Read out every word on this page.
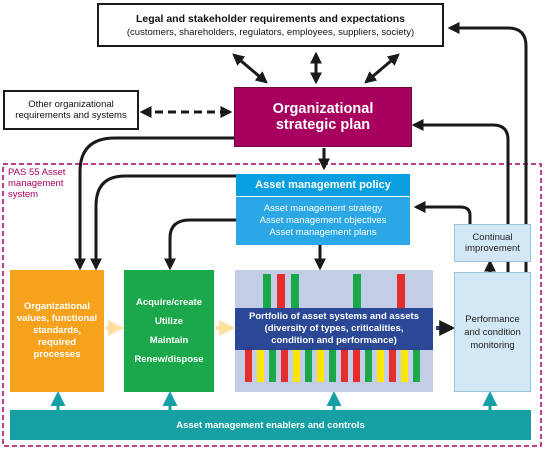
Legal and stakeholder requirements and expectations
(customers, shareholders, regulators, employees, suppliers, society)
Other organizational
requirements and systems	Organizational
strategic plan
PAS 55 Asset
management
system
Asset management policy
Asset management strategy
Asset management objectives
Asset management plans	Continual
improvement
Organizational
values, functional
standards,
required
processes
Acquire/create
Utilize
Maintain
Renew/dispose
Portfolio of asset systems and assets
(diversity of types, criticalities,
condition and performance)
Performance
and condition
monitoring
Asset management enablers and controls
